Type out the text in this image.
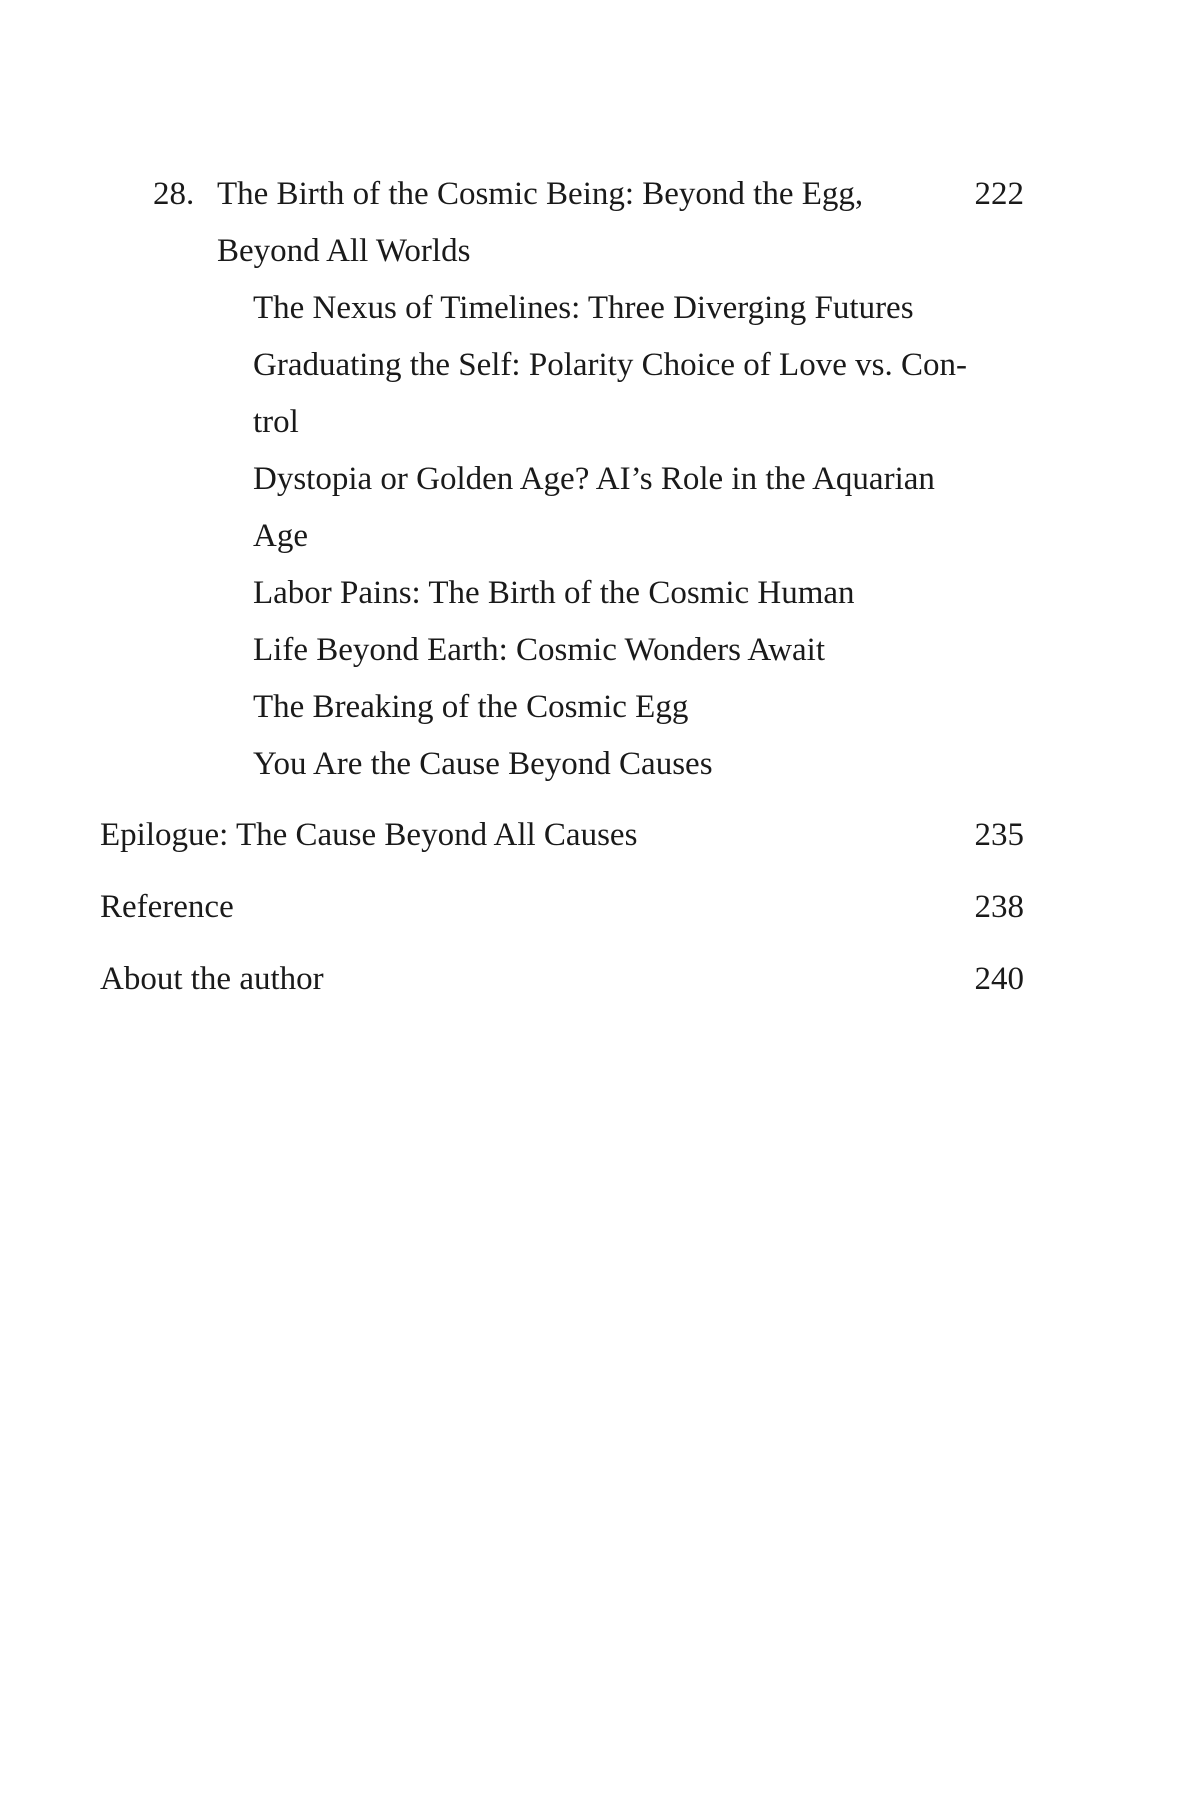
28. The Birth of the Cosmic Being: Beyond the Egg,	222
Beyond All Worlds
The Nexus of Timelines: Three Diverging Futures
Graduating the Self: Polarity Choice of Love vs. Con-
trol
Dystopia or Golden Age? AI’s Role in the Aquarian
Age
Labor Pains: The Birth of the Cosmic Human
Life Beyond Earth: Cosmic Wonders Await
The Breaking of the Cosmic Egg
You Are the Cause Beyond Causes
Epilogue: The Cause Beyond All Causes	235
Reference	238
About the author	240
